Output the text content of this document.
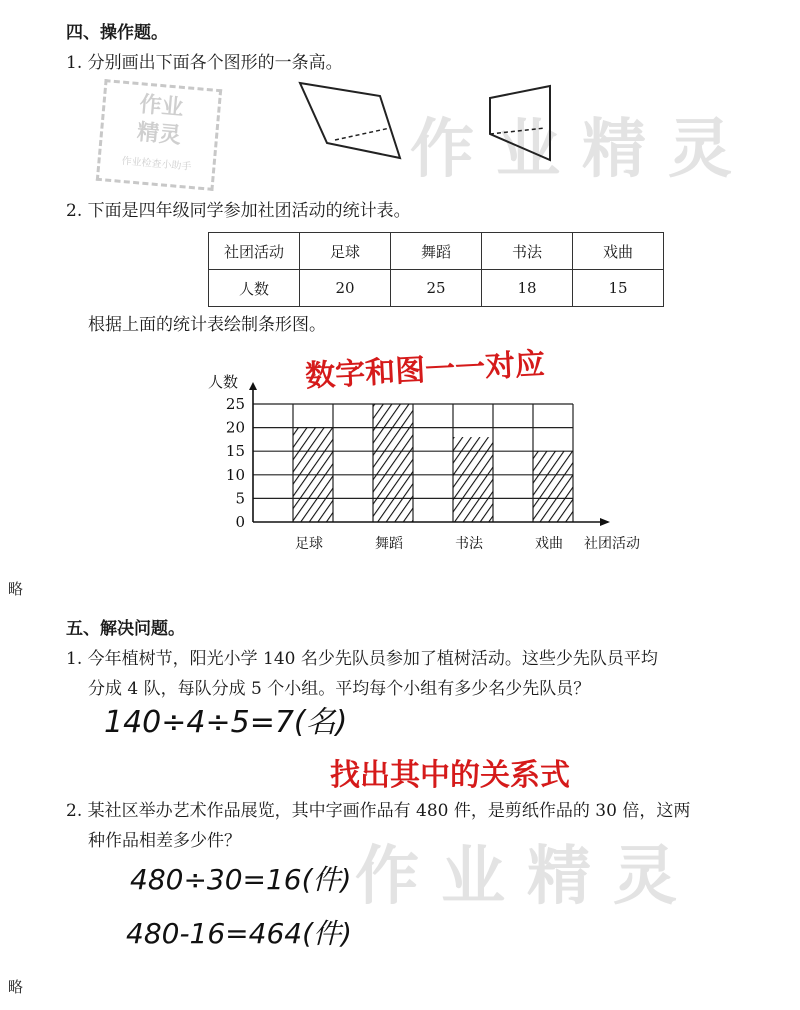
作业精灵
作业精灵
作业
精灵
作业检查小助手
四、操作题。
1. 分别画出下面各个图形的一条高。
2. 下面是四年级同学参加社团活动的统计表。
社团活动	足球	舞蹈	书法	戏曲
人数	20	25	18	15
根据上面的统计表绘制条形图。
数字和图一一对应
人数
社团活动
0
5
10
15
20
25
足球	舞蹈	书法	戏曲
略
五、解决问题。
1. 今年植树节，阳光小学 140 名少先队员参加了植树活动。这些少先队员平均
分成 4 队，每队分成 5 个小组。平均每个小组有多少名少先队员？
140÷4÷5=7(名)
找出其中的关系式
2. 某社区举办艺术作品展览，其中字画作品有 480 件，是剪纸作品的 30 倍，这两
种作品相差多少件？
480÷30=16(件)
480-16=464(件)
略
